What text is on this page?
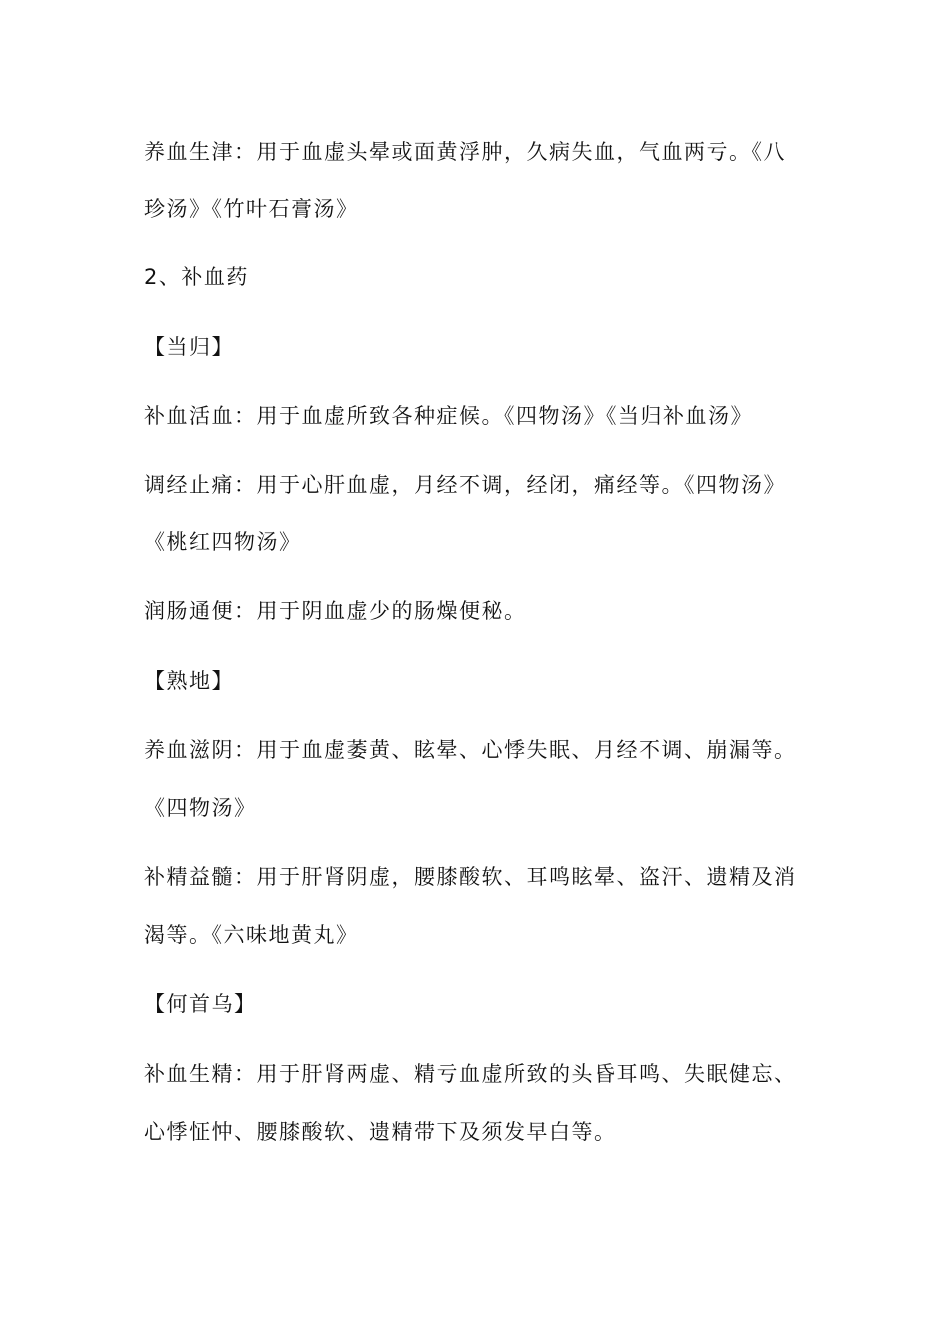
养血生津：用于血虚头晕或面黄浮肿，久病失血，气血两亏。《八
珍汤》《竹叶石膏汤》
2、补血药
【当归】
补血活血：用于血虚所致各种症候。《四物汤》《当归补血汤》
调经止痛：用于心肝血虚，月经不调，经闭，痛经等。《四物汤》
《桃红四物汤》
润肠通便：用于阴血虚少的肠燥便秘。
【熟地】
养血滋阴：用于血虚萎黄、眩晕、心悸失眠、月经不调、崩漏等。
《四物汤》
补精益髓：用于肝肾阴虚，腰膝酸软、耳鸣眩晕、盗汗、遗精及消
渴等。《六味地黄丸》
【何首乌】
补血生精：用于肝肾两虚、精亏血虚所致的头昏耳鸣、失眠健忘、
心悸怔忡、腰膝酸软、遗精带下及须发早白等。
